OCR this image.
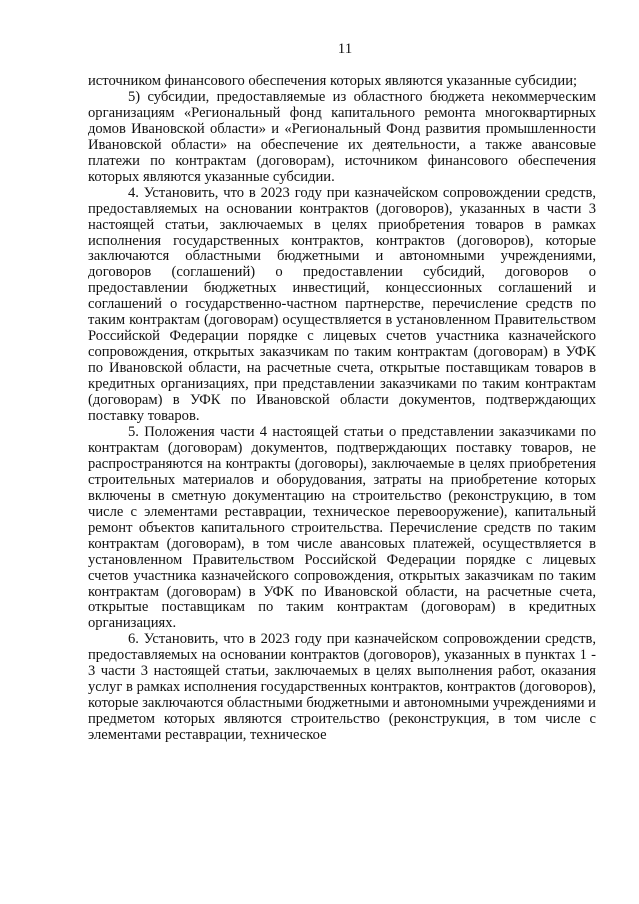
11

источником финансового обеспечения которых являются указанные субсидии;

5) субсидии, предоставляемые из областного бюджета некоммерческим организациям «Региональный фонд капитального ремонта многоквартирных домов Ивановской области» и «Региональный Фонд развития промышленности Ивановской области» на обеспечение их деятельности, а также авансовые платежи по контрактам (договорам), источником финансового обеспечения которых являются указанные субсидии.

4. Установить, что в 2023 году при казначейском сопровождении средств, предоставляемых на основании контрактов (договоров), указанных в части 3 настоящей статьи, заключаемых в целях приобретения товаров в рамках исполнения государственных контрактов, контрактов (договоров), которые заключаются областными бюджетными и автономными учреждениями, договоров (соглашений) о предоставлении субсидий, договоров о предоставлении бюджетных инвестиций, концессионных соглашений и соглашений о государственно-частном партнерстве, перечисление средств по таким контрактам (договорам) осуществляется в установленном Правительством Российской Федерации порядке с лицевых счетов участника казначейского сопровождения, открытых заказчикам по таким контрактам (договорам) в УФК по Ивановской области, на расчетные счета, открытые поставщикам товаров в кредитных организациях, при представлении заказчиками по таким контрактам (договорам) в УФК по Ивановской области документов, подтверждающих поставку товаров.

5. Положения части 4 настоящей статьи о представлении заказчиками по контрактам (договорам) документов, подтверждающих поставку товаров, не распространяются на контракты (договоры), заключаемые в целях приобретения строительных материалов и оборудования, затраты на приобретение которых включены в сметную документацию на строительство (реконструкцию, в том числе с элементами реставрации, техническое перевооружение), капитальный ремонт объектов капитального строительства. Перечисление средств по таким контрактам (договорам), в том числе авансовых платежей, осуществляется в установленном Правительством Российской Федерации порядке с лицевых счетов участника казначейского сопровождения, открытых заказчикам по таким контрактам (договорам) в УФК по Ивановской области, на расчетные счета, открытые поставщикам по таким контрактам (договорам) в кредитных организациях.

6. Установить, что в 2023 году при казначейском сопровождении средств, предоставляемых на основании контрактов (договоров), указанных в пунктах 1 - 3 части 3 настоящей статьи, заключаемых в целях выполнения работ, оказания услуг в рамках исполнения государственных контрактов, контрактов (договоров), которые заключаются областными бюджетными и автономными учреждениями и предметом которых являются строительство (реконструкция, в том числе с элементами реставрации, техническое
